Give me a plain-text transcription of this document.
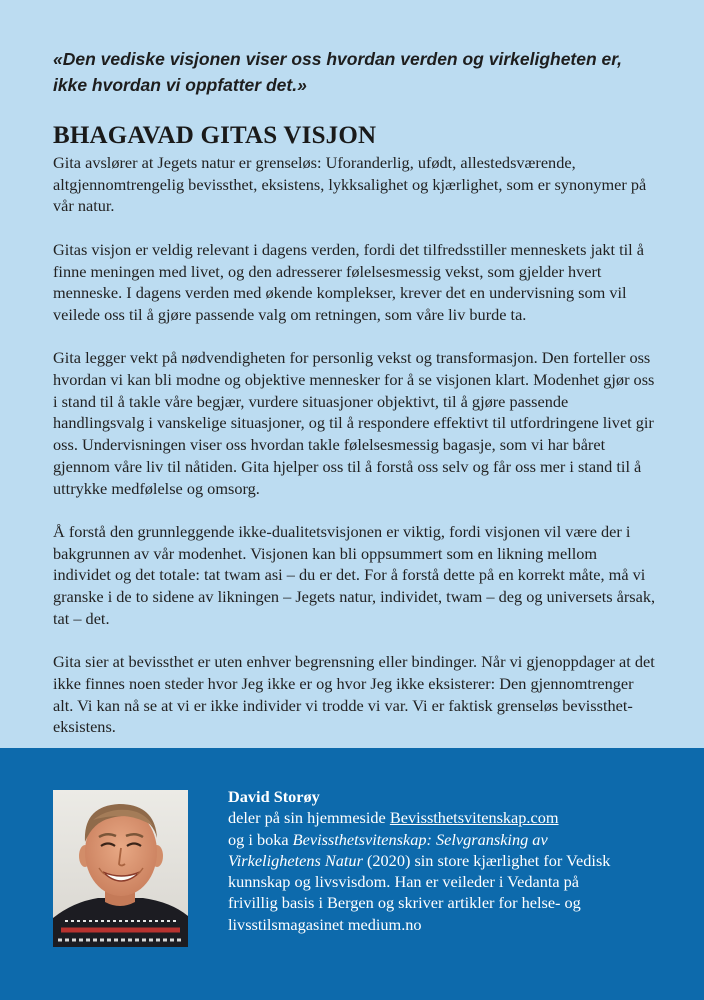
«Den vediske visjonen viser oss hvordan verden og virkeligheten er,
ikke hvordan vi oppfatter det.»

BHAGAVAD GITAS VISJON

Gita avslører at Jegets natur er grenseløs: Uforanderlig, ufødt, allestedsværende, altgjennomtrengelig bevissthet, eksistens, lykksalighet og kjærlighet, som er synonymer på vår natur.

Gitas visjon er veldig relevant i dagens verden, fordi det tilfredsstiller menneskets jakt til å finne meningen med livet, og den adresserer følelsesmessig vekst, som gjelder hvert menneske. I dagens verden med økende komplekser, krever det en undervisning som vil veilede oss til å gjøre passende valg om retningen, som våre liv burde ta.

Gita legger vekt på nødvendigheten for personlig vekst og transformasjon. Den forteller oss hvordan vi kan bli modne og objektive mennesker for å se visjonen klart. Modenhet gjør oss i stand til å takle våre begjær, vurdere situasjoner objektivt, til å gjøre passende handlingsvalg i vanskelige situasjoner, og til å respondere effektivt til utfordringene livet gir oss. Undervisningen viser oss hvordan takle følelsesmessig bagasje, som vi har båret gjennom våre liv til nåtiden. Gita hjelper oss til å forstå oss selv og får oss mer i stand til å uttrykke medfølelse og omsorg.

Å forstå den grunnleggende ikke-dualitetsvisjonen er viktig, fordi visjonen vil være der i bakgrunnen av vår modenhet. Visjonen kan bli oppsummert som en likning mellom individet og det totale: tat twam asi – du er det. For å forstå dette på en korrekt måte, må vi granske i de to sidene av likningen – Jegets natur, individet, twam – deg og universets årsak, tat – det.

Gita sier at bevissthet er uten enhver begrensning eller bindinger. Når vi gjenoppdager at det ikke finnes noen steder hvor Jeg ikke er og hvor Jeg ikke eksisterer: Den gjennomtrenger alt. Vi kan nå se at vi er ikke individer vi trodde vi var. Vi er faktisk grenseløs bevissthet-eksistens.

David Storøy
deler på sin hjemmeside Bevissthetsvitenskap.com
og i boka Bevissthetsvitenskap: Selvgransking av Virkelighetens Natur (2020) sin store kjærlighet for Vedisk kunnskap og livsvisdom. Han er veileder i Vedanta på frivillig basis i Bergen og skriver artikler for helse- og livsstilsmagasinet medium.no
